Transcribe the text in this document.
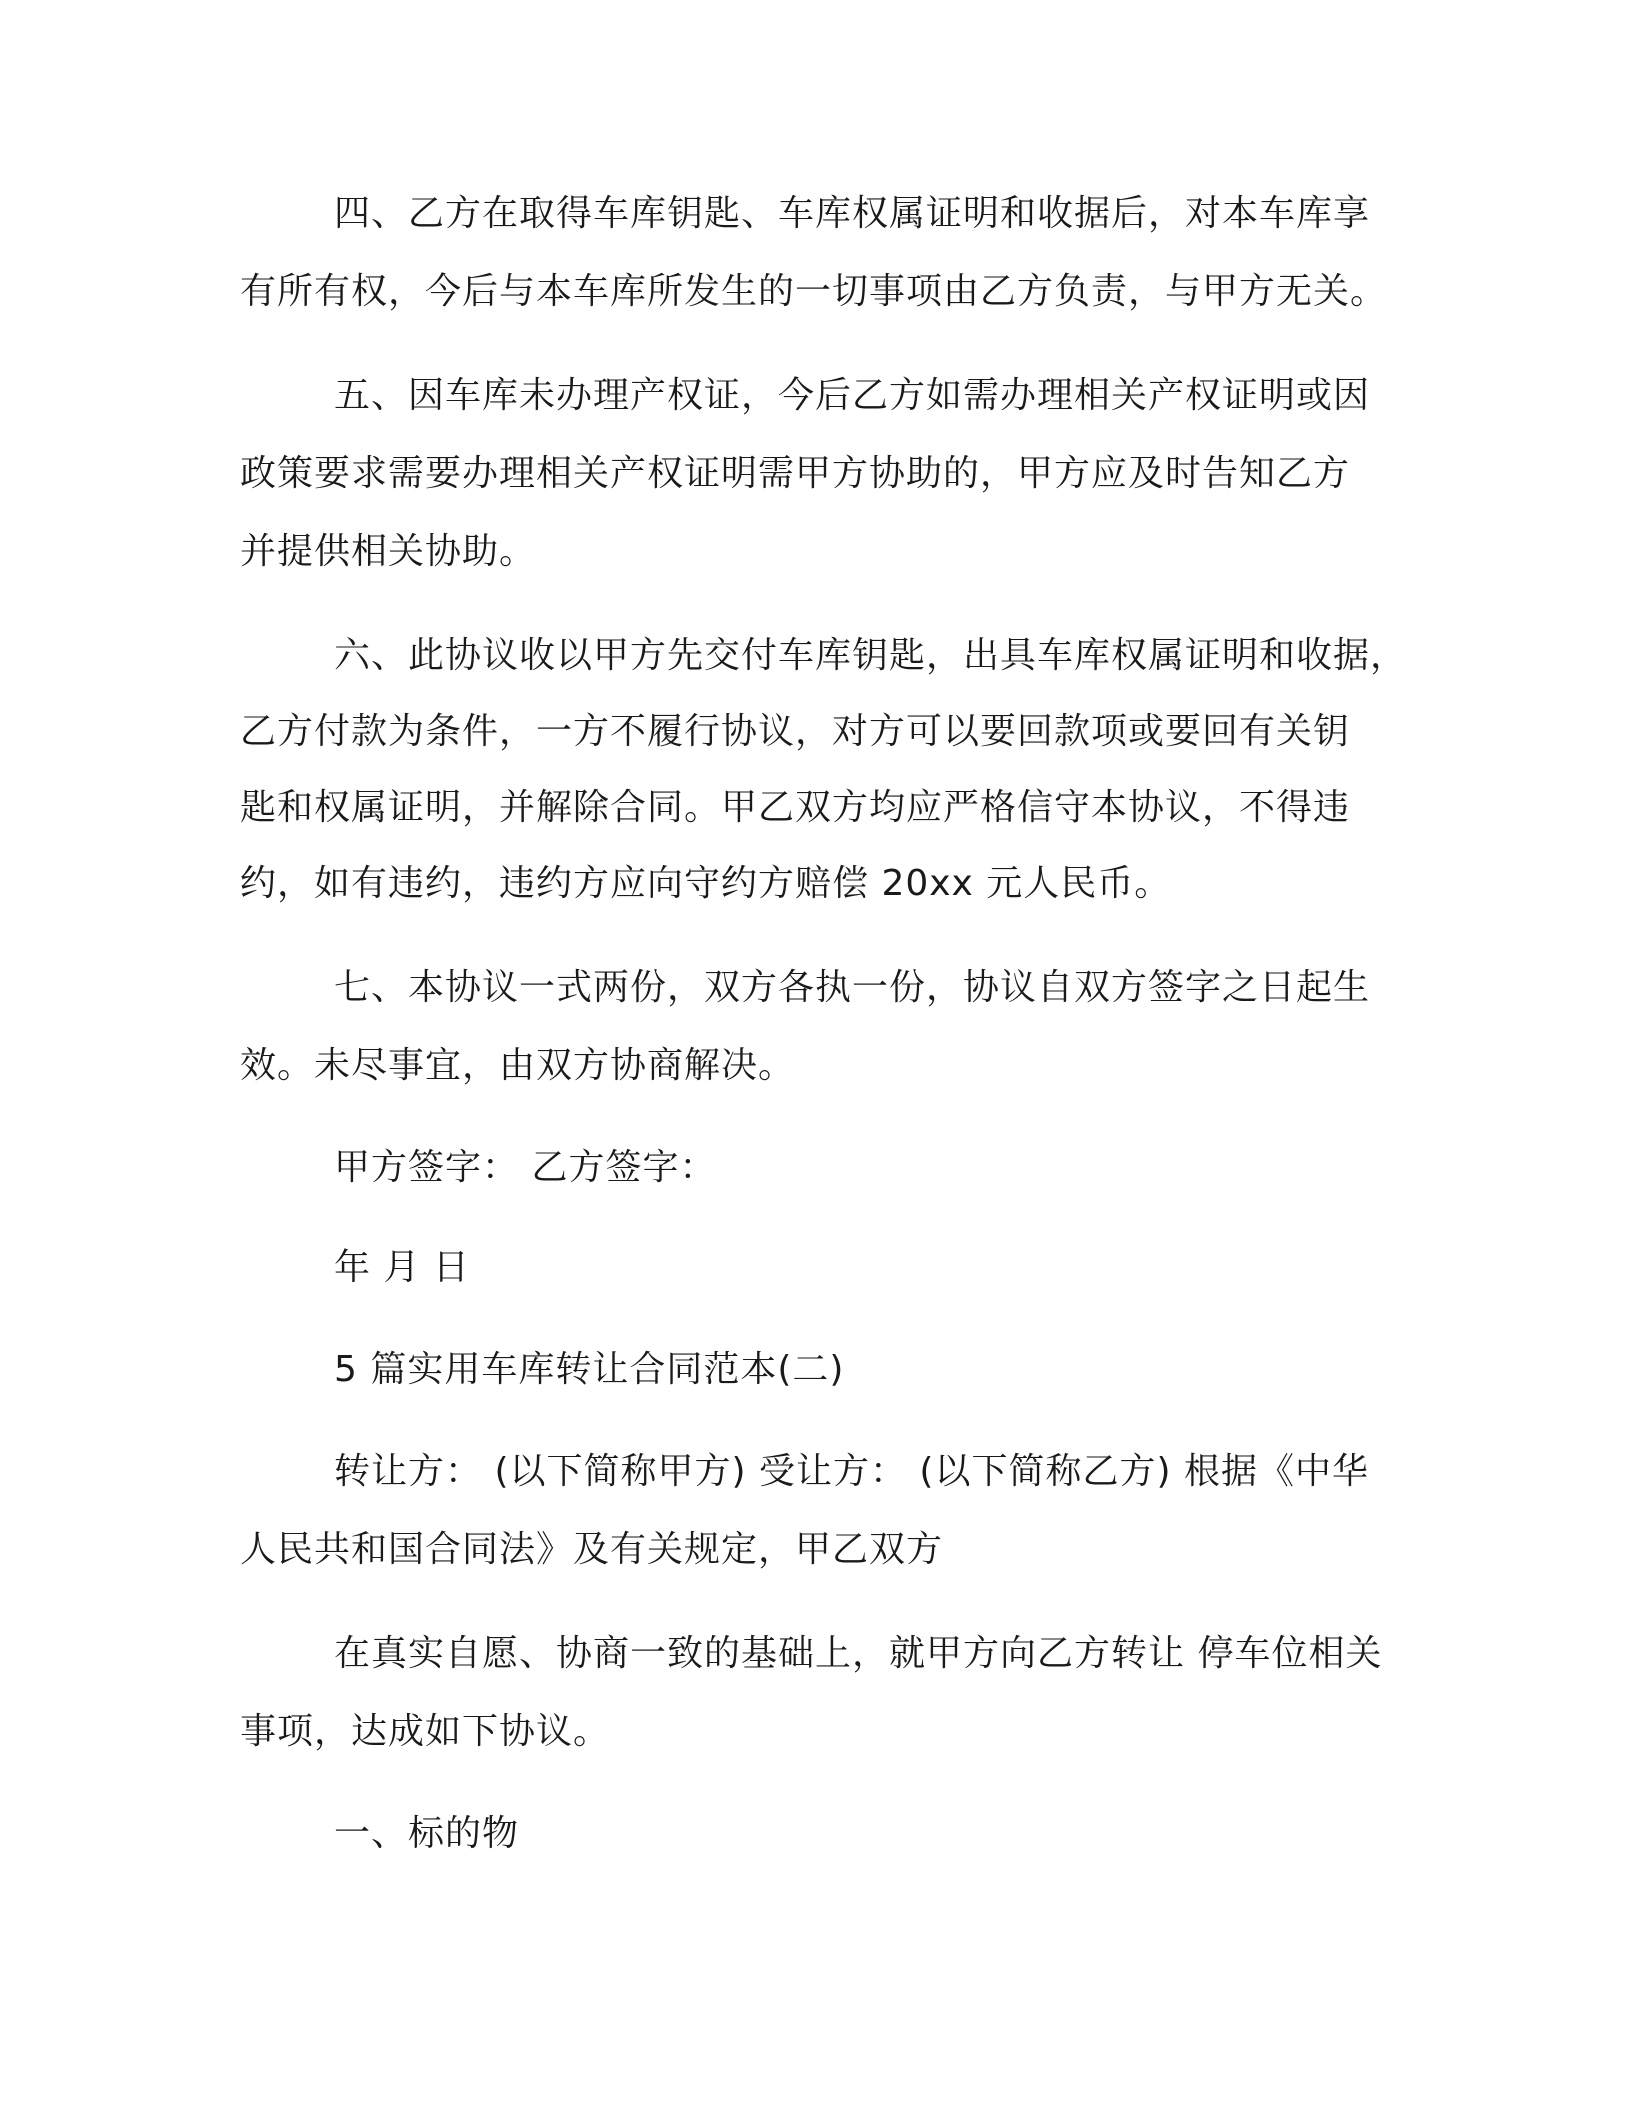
四、乙方在取得车库钥匙、车库权属证明和收据后，对本车库享
有所有权，今后与本车库所发生的一切事项由乙方负责，与甲方无关。
五、因车库未办理产权证，今后乙方如需办理相关产权证明或因
政策要求需要办理相关产权证明需甲方协助的，甲方应及时告知乙方
并提供相关协助。
六、此协议收以甲方先交付车库钥匙，出具车库权属证明和收据，
乙方付款为条件，一方不履行协议，对方可以要回款项或要回有关钥
匙和权属证明，并解除合同。甲乙双方均应严格信守本协议，不得违
约，如有违约，违约方应向守约方赔偿 20xx 元人民币。
七、本协议一式两份，双方各执一份，协议自双方签字之日起生
效。未尽事宜，由双方协商解决。
甲方签字： 乙方签字：
年 月 日
5 篇实用车库转让合同范本(二)
转让方： (以下简称甲方) 受让方： (以下简称乙方) 根据《中华
人民共和国合同法》及有关规定，甲乙双方
在真实自愿、协商一致的基础上，就甲方向乙方转让 停车位相关
事项，达成如下协议。
一、标的物
